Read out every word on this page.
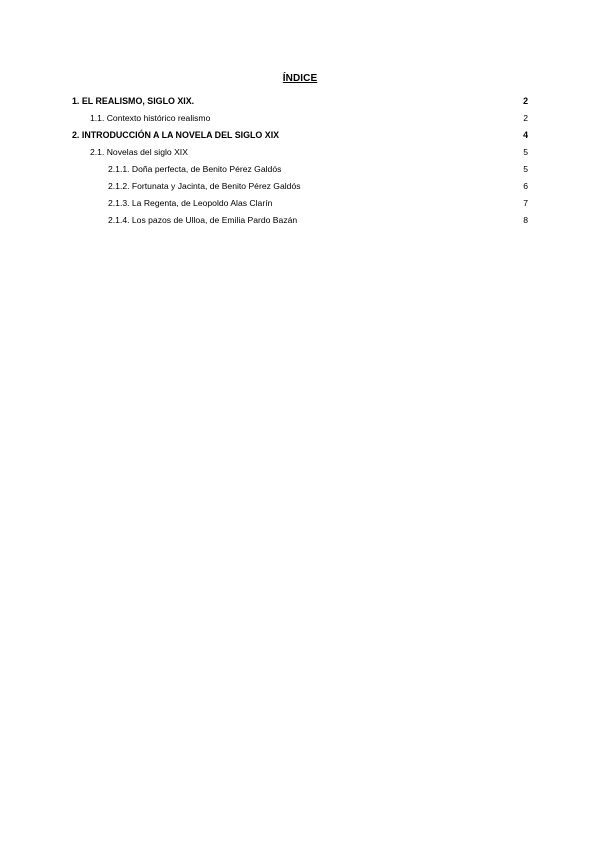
ÍNDICE
1. EL REALISMO, SIGLO XIX.	2
1.1. Contexto histórico realismo	2
2. INTRODUCCIÓN A LA NOVELA DEL SIGLO XIX	4
2.1. Novelas del siglo XIX	5
2.1.1. Doña perfecta, de Benito Pérez Galdós	5
2.1.2. Fortunata y Jacinta, de Benito Pérez Galdós	6
2.1.3. La Regenta, de Leopoldo Alas Clarín	7
2.1.4. Los pazos de Ulloa, de Emilia Pardo Bazán	8
